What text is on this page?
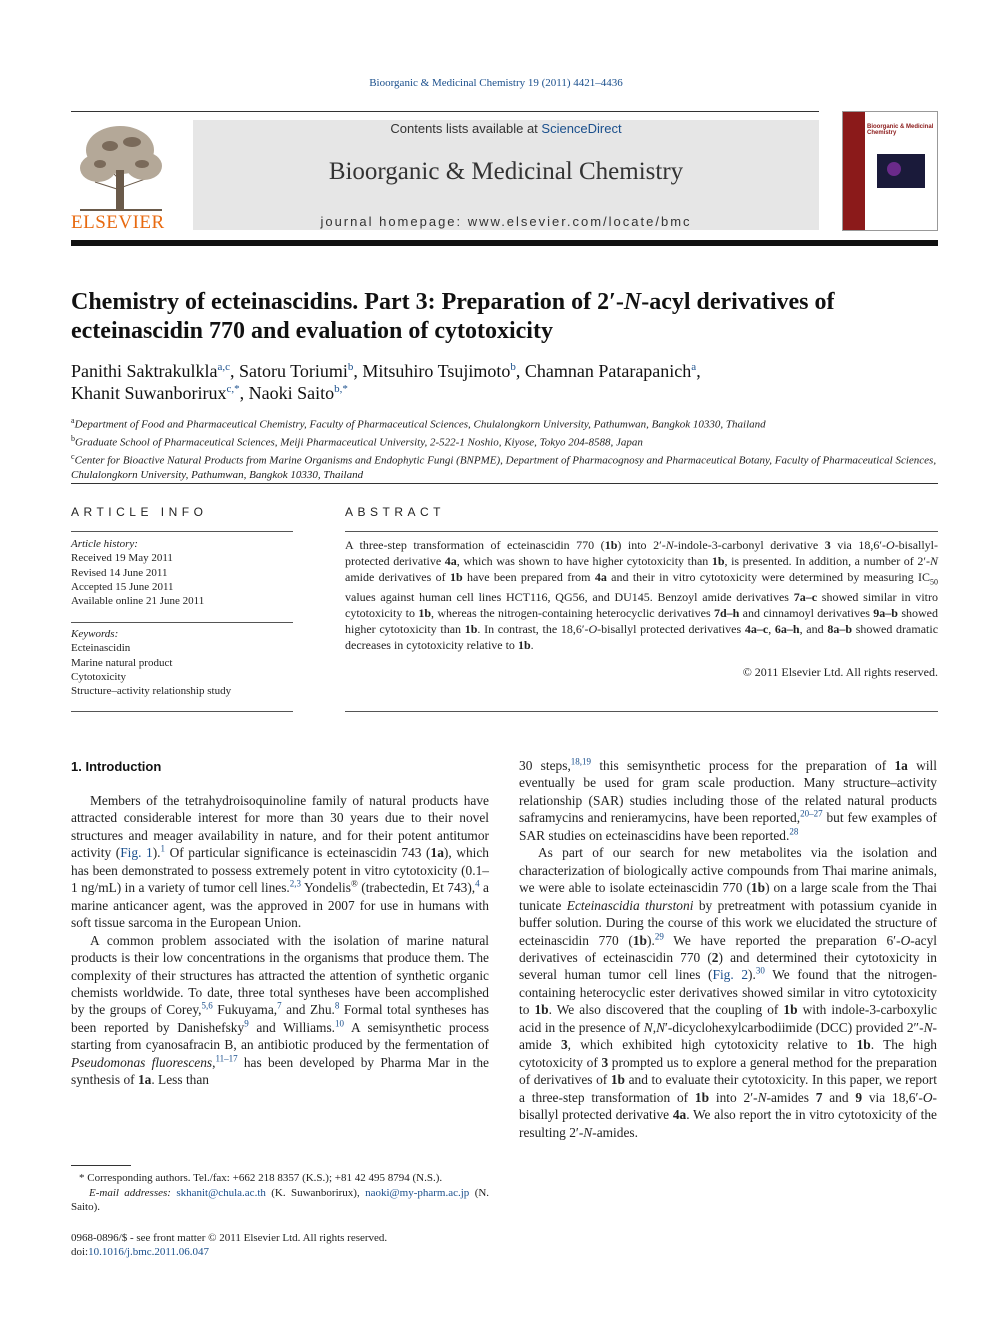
Bioorganic & Medicinal Chemistry 19 (2011) 4421–4436
ELSEVIER
Contents lists available at ScienceDirect
Bioorganic & Medicinal Chemistry
journal homepage: www.elsevier.com/locate/bmc
Bioorganic & Medicinal Chemistry
Chemistry of ecteinascidins. Part 3: Preparation of 2′-N-acyl derivatives of ecteinascidin 770 and evaluation of cytotoxicity
Panithi Saktrakulkla$^{a,c}$, Satoru Toriumi$^b$, Mitsuhiro Tsujimoto$^b$, Chamnan Patarapanich$^a$,
Khanit Suwanborirux$^{c,*}$, Naoki Saito$^{b,*}$
$^a$Department of Food and Pharmaceutical Chemistry, Faculty of Pharmaceutical Sciences, Chulalongkorn University, Pathumwan, Bangkok 10330, Thailand
$^b$Graduate School of Pharmaceutical Sciences, Meiji Pharmaceutical University, 2-522-1 Noshio, Kiyose, Tokyo 204-8588, Japan
$^c$Center for Bioactive Natural Products from Marine Organisms and Endophytic Fungi (BNPME), Department of Pharmacognosy and Pharmaceutical Botany, Faculty of Pharmaceutical Sciences, Chulalongkorn University, Pathumwan, Bangkok 10330, Thailand
ARTICLE INFO
Article history:
Received 19 May 2011
Revised 14 June 2011
Accepted 15 June 2011
Available online 21 June 2011
Keywords:
Ecteinascidin
Marine natural product
Cytotoxicity
Structure–activity relationship study
ABSTRACT
A three-step transformation of ecteinascidin 770 (1b) into 2′-N-indole-3-carbonyl derivative 3 via 18,6′-O-bisallyl-protected derivative 4a, which was shown to have higher cytotoxicity than 1b, is presented. In addition, a number of 2′-N amide derivatives of 1b have been prepared from 4a and their in vitro cytotoxicity were determined by measuring $IC_{50}$ values against human cell lines HCT116, QG56, and DU145. Benzoyl amide derivatives 7a–c showed similar in vitro cytotoxicity to 1b, whereas the nitrogen-containing heterocyclic derivatives 7d–h and cinnamoyl derivatives 9a–b showed higher cytotoxicity than 1b. In contrast, the 18,6′-O-bisallyl protected derivatives 4a–c, 6a–h, and 8a–b showed dramatic decreases in cytotoxicity relative to 1b.
© 2011 Elsevier Ltd. All rights reserved.
1. Introduction

Members of the tetrahydroisoquinoline family of natural products have attracted considerable interest for more than 30 years due to their novel structures and meager availability in nature, and for their potent antitumor activity (Fig. 1).$^1$ Of particular significance is ecteinascidin 743 (1a), which has been demonstrated to possess extremely potent in vitro cytotoxicity (0.1–1 ng/mL) in a variety of tumor cell lines.$^{2,3}$ Yondelis® (trabectedin, Et 743),$^4$ a marine anticancer agent, was the approved in 2007 for use in humans with soft tissue sarcoma in the European Union.

A common problem associated with the isolation of marine natural products is their low concentrations in the organisms that produce them. The complexity of their structures has attracted the attention of synthetic organic chemists worldwide. To date, three total syntheses have been accomplished by the groups of Corey,$^{5,6}$ Fukuyama,$^7$ and Zhu.$^8$ Formal total syntheses has been reported by Danishefsky$^9$ and Williams.$^{10}$ A semisynthetic process starting from cyanosafracin B, an antibiotic produced by the fermentation of Pseudomonas fluorescens,$^{11-17}$ has been developed by Pharma Mar in the synthesis of 1a. Less than

30 steps,$^{18,19}$ this semisynthetic process for the preparation of 1a will eventually be used for gram scale production. Many structure–activity relationship (SAR) studies including those of the related natural products saframycins and renieramycins, have been reported,$^{20-27}$ but few examples of SAR studies on ecteinascidins have been reported.$^{28}$

As part of our search for new metabolites via the isolation and characterization of biologically active compounds from Thai marine animals, we were able to isolate ecteinascidin 770 (1b) on a large scale from the Thai tunicate Ecteinascidia thurstoni by pretreatment with potassium cyanide in buffer solution. During the course of this work we elucidated the structure of ecteinascidin 770 (1b).$^{29}$ We have reported the preparation 6′-O-acyl derivatives of ecteinascidin 770 (2) and determined their cytotoxicity in several human tumor cell lines (Fig. 2).$^{30}$ We found that the nitrogen-containing heterocyclic ester derivatives showed similar in vitro cytotoxicity to 1b. We also discovered that the coupling of 1b with indole-3-carboxylic acid in the presence of N,N′-dicyclohexylcarbodiimide (DCC) provided 2″-N-amide 3, which exhibited high cytotoxicity relative to 1b. The high cytotoxicity of 3 prompted us to explore a general method for the preparation of derivatives of 1b and to evaluate their cytotoxicity. In this paper, we report a three-step transformation of 1b into 2′-N-amides 7 and 9 via 18,6′-O-bisallyl protected derivative 4a. We also report the in vitro cytotoxicity of the resulting 2′-N-amides.

* Corresponding authors. Tel./fax: +662 218 8357 (K.S.); +81 42 495 8794 (N.S.).
E-mail addresses: skhanit@chula.ac.th (K. Suwanborirux), naoki@my-pharm.ac.jp (N. Saito).
0968-0896/$ - see front matter © 2011 Elsevier Ltd. All rights reserved.
doi:10.1016/j.bmc.2011.06.047
